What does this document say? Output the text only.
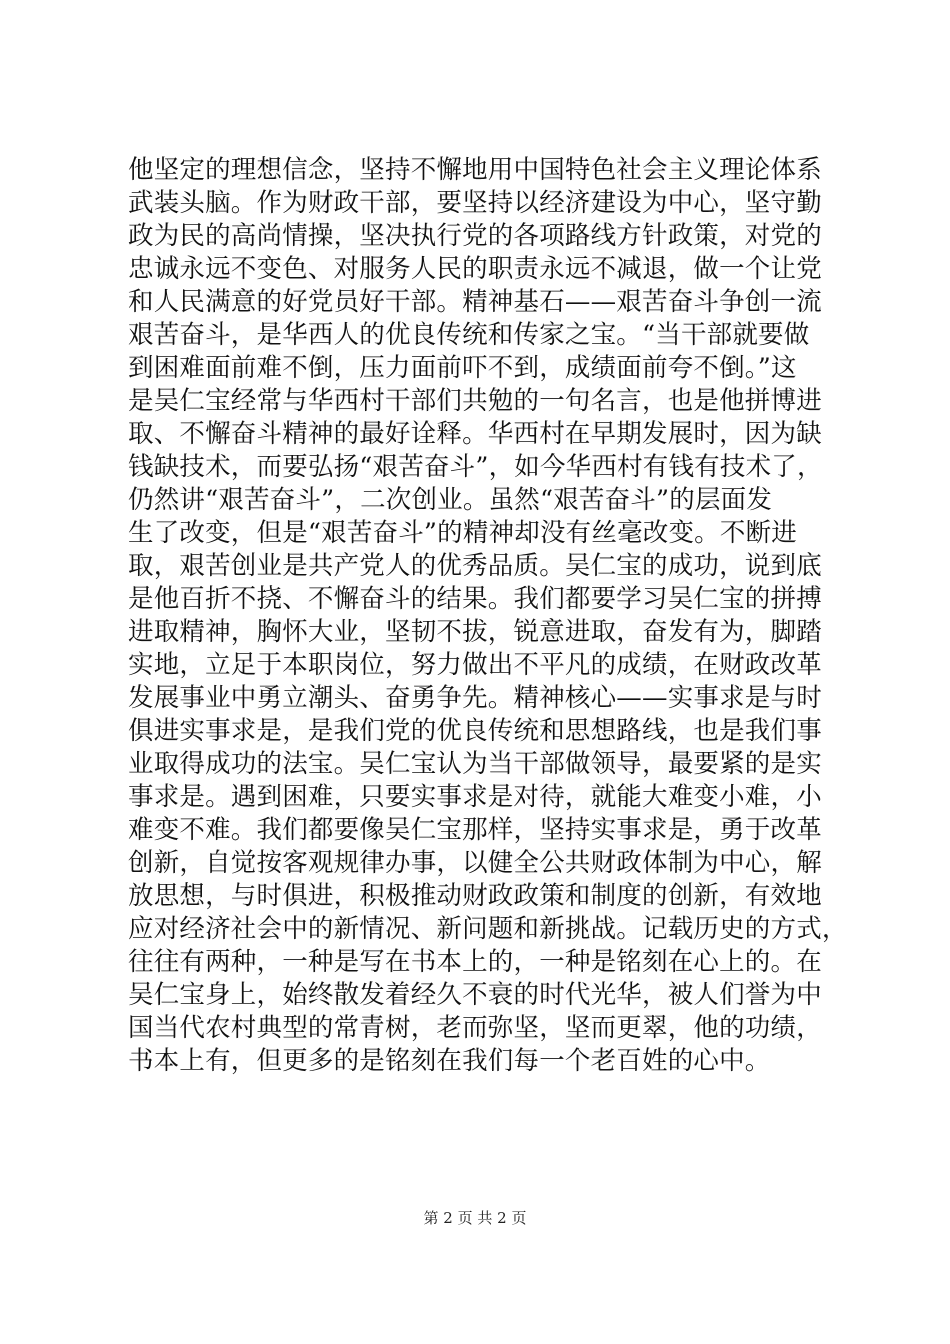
他坚定的理想信念，坚持不懈地用中国特色社会主义理论体系
武装头脑。作为财政干部，要坚持以经济建设为中心，坚守勤
政为民的高尚情操，坚决执行党的各项路线方针政策，对党的
忠诚永远不变色、对服务人民的职责永远不减退，做一个让党
和人民满意的好党员好干部。精神基石——艰苦奋斗争创一流
艰苦奋斗，是华西人的优良传统和传家之宝。“当干部就要做
到困难面前难不倒，压力面前吓不到，成绩面前夸不倒。”这
是吴仁宝经常与华西村干部们共勉的一句名言，也是他拼博进
取、不懈奋斗精神的最好诠释。华西村在早期发展时，因为缺
钱缺技术，而要弘扬“艰苦奋斗”，如今华西村有钱有技术了，
仍然讲“艰苦奋斗”，二次创业。虽然“艰苦奋斗”的层面发
生了改变，但是“艰苦奋斗”的精神却没有丝毫改变。不断进
取，艰苦创业是共产党人的优秀品质。吴仁宝的成功，说到底
是他百折不挠、不懈奋斗的结果。我们都要学习吴仁宝的拼搏
进取精神，胸怀大业，坚韧不拔，锐意进取，奋发有为，脚踏
实地，立足于本职岗位，努力做出不平凡的成绩，在财政改革
发展事业中勇立潮头、奋勇争先。精神核心——实事求是与时
俱进实事求是，是我们党的优良传统和思想路线，也是我们事
业取得成功的法宝。吴仁宝认为当干部做领导，最要紧的是实
事求是。遇到困难，只要实事求是对待，就能大难变小难，小
难变不难。我们都要像吴仁宝那样，坚持实事求是，勇于改革
创新，自觉按客观规律办事，以健全公共财政体制为中心，解
放思想，与时俱进，积极推动财政政策和制度的创新，有效地
应对经济社会中的新情况、新问题和新挑战。记载历史的方式，
往往有两种，一种是写在书本上的，一种是铭刻在心上的。在
吴仁宝身上，始终散发着经久不衰的时代光华，被人们誉为中
国当代农村典型的常青树，老而弥坚，坚而更翠，他的功绩，
书本上有，但更多的是铭刻在我们每一个老百姓的心中。
第 2 页 共 2 页
